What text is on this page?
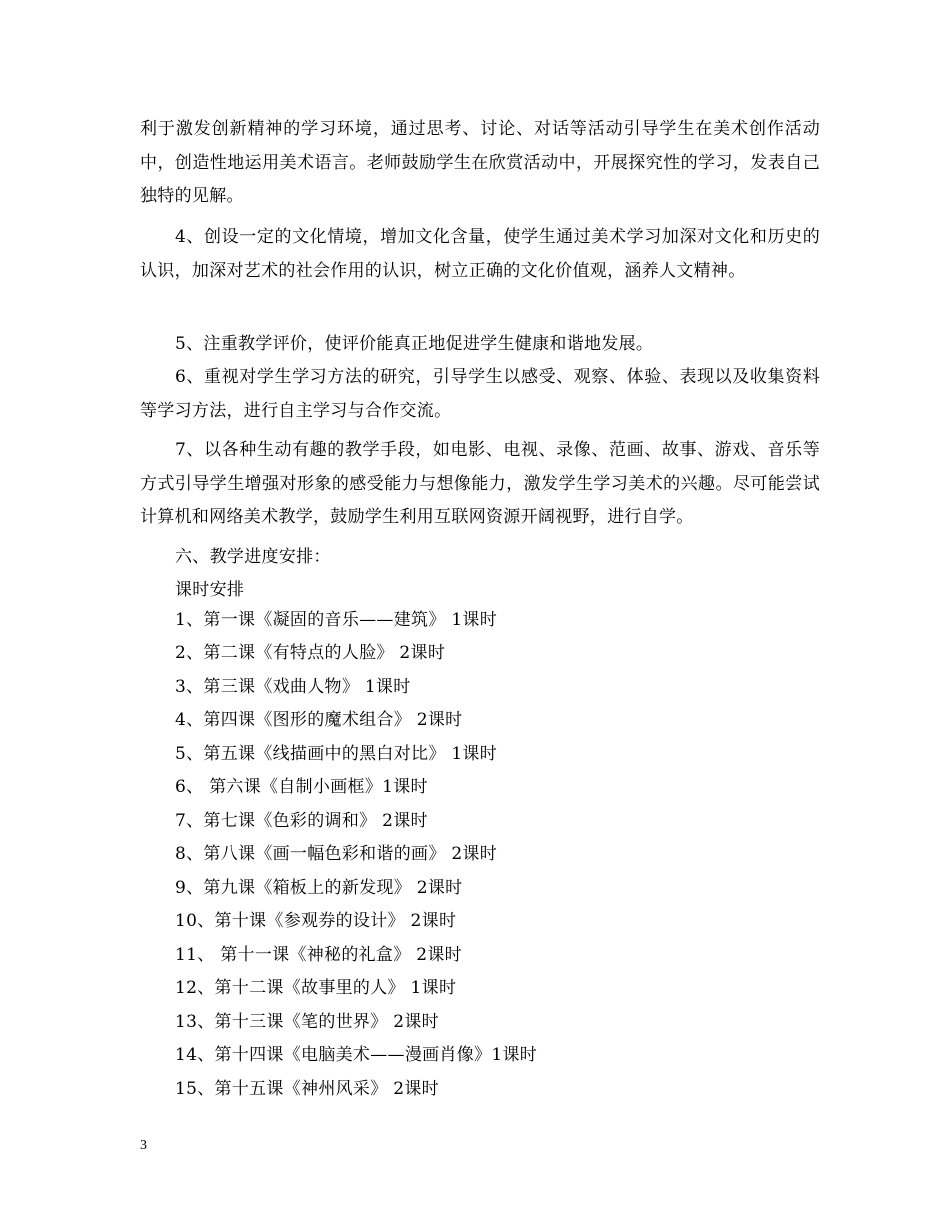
利于激发创新精神的学习环境，通过思考、讨论、对话等活动引导学生在美术创作活动中，创造性地运用美术语言。老师鼓励学生在欣赏活动中，开展探究性的学习，发表自己独特的见解。

4、创设一定的文化情境，增加文化含量，使学生通过美术学习加深对文化和历史的认识，加深对艺术的社会作用的认识，树立正确的文化价值观，涵养人文精神。

5、注重教学评价，使评价能真正地促进学生健康和谐地发展。

6、重视对学生学习方法的研究，引导学生以感受、观察、体验、表现以及收集资料等学习方法，进行自主学习与合作交流。

7、以各种生动有趣的教学手段，如电影、电视、录像、范画、故事、游戏、音乐等方式引导学生增强对形象的感受能力与想像能力，激发学生学习美术的兴趣。尽可能尝试计算机和网络美术教学，鼓励学生利用互联网资源开阔视野，进行自学。

六、教学进度安排：

课时安排

1、第一课《凝固的音乐——建筑》 1课时

2、第二课《有特点的人脸》 2课时

3、第三课《戏曲人物》 1课时

4、第四课《图形的魔术组合》 2课时

5、第五课《线描画中的黑白对比》 1课时

6、 第六课《自制小画框》1课时

7、第七课《色彩的调和》 2课时

8、第八课《画一幅色彩和谐的画》 2课时

9、第九课《箱板上的新发现》 2课时

10、第十课《参观券的设计》 2课时

11、 第十一课《神秘的礼盒》 2课时

12、第十二课《故事里的人》 1课时

13、第十三课《笔的世界》 2课时

14、第十四课《电脑美术——漫画肖像》1课时

15、第十五课《神州风采》 2课时

3
